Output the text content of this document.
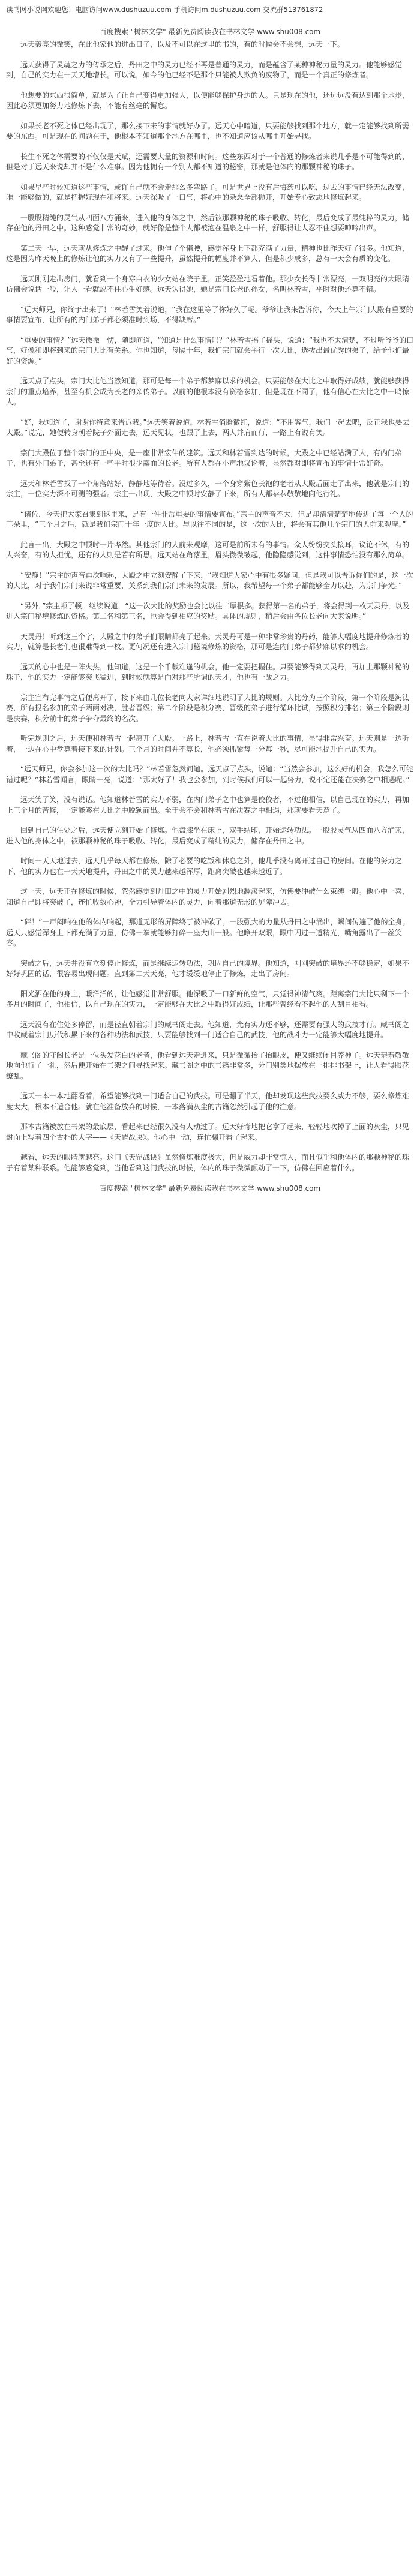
读书网小说网欢迎您！电脑访问www.dushuzuu.com 手机访问m.dushuzuu.com 交流群513761872

百度搜索 "树林文学" 最新免费阅读我在书林文学 www.shu008.com

远天轰亮的微笑，在此他家他的进出日子，以及不可以在这里的书的，有的时候会不会想，远天一下。

远天获得了灵魂之力的传承之后，丹田之中的灵力已经不再是普通的灵力，而是蕴含了某种神秘力量的灵力。他能够感觉到，自己的实力在一天天地增长。可以说，如今的他已经不是那个只能被人欺负的废物了，而是一个真正的修炼者。

他想要的东西很简单，就是为了让自己变得更加强大，以便能够保护身边的人。只是现在的他，还远远没有达到那个地步，因此必须更加努力地修炼下去，不能有丝毫的懈怠。

如果长老不死之体已经出现了，那么接下来的事情就好办了。远天心中暗道，只要能够找到那个地方，就一定能够找到所需要的东西。可是现在的问题在于，他根本不知道那个地方在哪里，也不知道应该从哪里开始寻找。

长生不死之体需要的不仅仅是天赋，还需要大量的资源和时间。这些东西对于一个普通的修炼者来说几乎是不可能得到的，但是对于远天来说却并不是什么难事。因为他拥有一个别人都不知道的秘密，那就是他体内的那颗神秘的珠子。

如果早些时候知道这些事情，或许自己就不会走那么多弯路了。可是世界上没有后悔药可以吃，过去的事情已经无法改变，唯一能够做的，就是把握好现在和将来。远天深吸了一口气，将心中的杂念全部抛开，开始专心致志地修炼起来。

一股股精纯的灵气从四面八方涌来，进入他的身体之中，然后被那颗神秘的珠子吸收、转化，最后变成了最纯粹的灵力，储存在他的丹田之中。这种感觉非常的奇妙，就好像是整个人都被泡在温泉之中一样，舒服得让人忍不住想要呻吟出声。

第二天一早，远天就从修炼之中醒了过来。他伸了个懒腰，感觉浑身上下都充满了力量，精神也比昨天好了很多。他知道，这是因为昨天晚上的修炼让他的实力又有了一些提升，虽然提升的幅度并不算大，但是积少成多，总有一天会有质的变化。

远天刚刚走出房门，就看到一个身穿白衣的少女站在院子里，正笑盈盈地看着他。那少女长得非常漂亮，一双明亮的大眼睛仿佛会说话一般，让人一看就忍不住心生好感。远天认得她，她是宗门长老的孙女，名叫林若雪，平时对他还算不错。

“远天师兄，你终于出来了！”林若雪笑着说道，“我在这里等了你好久了呢。爷爷让我来告诉你，今天上午宗门大殿有重要的事情要宣布，让所有的内门弟子都必须准时到场，不得缺席。”

“重要的事情？”远天微微一愣，随即问道，“知道是什么事情吗？”林若雪摇了摇头，说道：“我也不太清楚，不过听爷爷的口气，好像和即将到来的宗门大比有关系。你也知道，每隔十年，我们宗门就会举行一次大比，选拔出最优秀的弟子，给予他们最好的资源。”

远天点了点头，宗门大比他当然知道，那可是每一个弟子都梦寐以求的机会。只要能够在大比之中取得好成绩，就能够获得宗门的重点培养，甚至有机会成为长老的亲传弟子。以前的他根本没有资格参加，但是现在不同了，他有信心在大比之中一鸣惊人。

“好，我知道了，谢谢你特意来告诉我。”远天笑着说道。林若雪俏脸微红，说道：“不用客气，我们一起去吧，反正我也要去大殿。”说完，她便转身朝着院子外面走去，远天见状，也跟了上去，两人并肩而行，一路上有说有笑。

宗门大殿位于整个宗门的正中央，是一座非常宏伟的建筑。远天和林若雪到达的时候，大殿之中已经站满了人，有内门弟子，也有外门弟子，甚至还有一些平时很少露面的长老。所有人都在小声地议论着，显然都对即将宣布的事情非常好奇。

远天和林若雪找了一个角落站好，静静地等待着。没过多久，一个身穿紫色长袍的老者从大殿后面走了出来，他就是宗门的宗主，一位实力深不可测的强者。宗主一出现，大殿之中顿时安静了下来，所有人都恭恭敬敬地向他行礼。

“诸位，今天把大家召集到这里来，是有一件非常重要的事情要宣布。”宗主的声音不大，但是却清清楚楚地传进了每一个人的耳朵里，“三个月之后，就是我们宗门十年一度的大比。与以往不同的是，这一次的大比，将会有其他几个宗门的人前来观摩。”

此言一出，大殿之中顿时一片哗然。其他宗门的人前来观摩，这可是前所未有的事情。众人纷纷交头接耳，议论不休，有的人兴奋，有的人担忧，还有的人则是若有所思。远天站在角落里，眉头微微皱起，他隐隐感觉到，这件事情恐怕没有那么简单。

“安静！”宗主的声音再次响起，大殿之中立刻安静了下来，“我知道大家心中有很多疑问，但是我可以告诉你们的是，这一次的大比，对于我们宗门来说非常重要，关系到我们宗门未来的发展。所以，我希望每一个弟子都能够全力以赴，为宗门争光。”

“另外，”宗主顿了顿，继续说道，“这一次大比的奖励也会比以往丰厚很多。获得第一名的弟子，将会得到一枚天灵丹，以及进入宗门秘境修炼的资格。第二名和第三名，也会得到相应的奖励。具体的规则，稍后会由各位长老向大家说明。”

天灵丹！听到这三个字，大殿之中的弟子们眼睛都亮了起来。天灵丹可是一种非常珍贵的丹药，能够大幅度地提升修炼者的实力，就算是长老们也很难得到一枚。更何况还有进入宗门秘境修炼的资格，那可是连内门弟子都梦寐以求的机会。

远天的心中也是一阵火热，他知道，这是一个千载难逢的机会，他一定要把握住。只要能够得到天灵丹，再加上那颗神秘的珠子，他的实力一定能够突飞猛进，到时候就算是面对那些所谓的天才，他也有一战之力。

宗主宣布完事情之后便离开了，接下来由几位长老向大家详细地说明了大比的规则。大比分为三个阶段，第一个阶段是淘汰赛，所有报名参加的弟子两两对决，胜者晋级；第二个阶段是积分赛，晋级的弟子进行循环比试，按照积分排名；第三个阶段则是决赛，积分前十的弟子争夺最终的名次。

听完规则之后，远天便和林若雪一起离开了大殿。一路上，林若雪一直在说着大比的事情，显得非常兴奋。远天则是一边听着，一边在心中盘算着接下来的计划。三个月的时间并不算长，他必须抓紧每一分每一秒，尽可能地提升自己的实力。

“远天师兄，你会参加这一次的大比吗？”林若雪忽然问道。远天点了点头，说道：“当然会参加，这么好的机会，我怎么可能错过呢？”林若雪闻言，眼睛一亮，说道：“那太好了！我也会参加，到时候我们可以一起努力，说不定还能在决赛之中相遇呢。”

远天笑了笑，没有说话。他知道林若雪的实力不弱，在内门弟子之中也算是佼佼者，不过他相信，以自己现在的实力，再加上三个月的苦修，一定能够在大比之中脱颖而出。至于会不会和林若雪在决赛之中相遇，那就要看天意了。

回到自己的住处之后，远天便立刻开始了修炼。他盘膝坐在床上，双手结印，开始运转功法。一股股灵气从四面八方涌来，进入他的身体之中，被那颗神秘的珠子吸收、转化，最后变成了精纯的灵力，储存在丹田之中。

时间一天天地过去，远天几乎每天都在修炼，除了必要的吃饭和休息之外，他几乎没有离开过自己的房间。在他的努力之下，他的实力也在一天天地提升，丹田之中的灵力越来越浑厚，距离突破也越来越近了。

这一天，远天正在修炼的时候，忽然感觉到丹田之中的灵力开始剧烈地翻滚起来，仿佛要冲破什么束缚一般。他心中一喜，知道自己即将突破了，连忙收敛心神，全力引导着体内的灵力，向着那道无形的屏障冲去。

“砰！”一声闷响在他的体内响起，那道无形的屏障终于被冲破了。一股强大的力量从丹田之中涌出，瞬间传遍了他的全身。远天只感觉浑身上下都充满了力量，仿佛一拳就能够打碎一座大山一般。他睁开双眼，眼中闪过一道精光，嘴角露出了一丝笑容。

突破之后，远天并没有立刻停止修炼，而是继续运转功法，巩固自己的境界。他知道，刚刚突破的境界还不够稳定，如果不好好巩固的话，很容易出现问题。直到第二天天亮，他才缓缓地停止了修炼，走出了房间。

阳光洒在他的身上，暖洋洋的，让他感觉非常舒服。他深吸了一口新鲜的空气，只觉得神清气爽。距离宗门大比只剩下一个多月的时间了，他相信，以自己现在的实力，一定能够在大比之中取得好成绩，让那些曾经看不起他的人刮目相看。

远天没有在住处多停留，而是径直朝着宗门的藏书阁走去。他知道，光有实力还不够，还需要有强大的武技才行。藏书阁之中收藏着宗门历代积累下来的各种功法和武技，只要能够找到一门适合自己的武技，他的战斗力一定能够大幅度地提升。

藏书阁的守阁长老是一位头发花白的老者，他看到远天走进来，只是微微抬了抬眼皮，便又继续闭目养神了。远天恭恭敬敬地向他行了一礼，然后便开始在书架之间寻找起来。藏书阁之中的书籍非常多，分门别类地摆放在一排排书架上，让人看得眼花缭乱。

远天一本一本地翻看着，希望能够找到一门适合自己的武技。可是翻了半天，他却发现这些武技要么威力不够，要么修炼难度太大，根本不适合他。就在他准备放弃的时候，一本落满灰尘的古籍忽然引起了他的注意。

那本古籍被放在书架的最底层，看起来已经很久没有人动过了。远天好奇地把它拿了起来，轻轻地吹掉了上面的灰尘，只见封面上写着四个古朴的大字——《天罡战诀》。他心中一动，连忙翻开看了起来。

越看，远天的眼睛就越亮。这门《天罡战诀》虽然修炼难度极大，但是威力却非常惊人，而且似乎和他体内的那颗神秘的珠子有着某种联系。他能够感觉到，当他看到这门武技的时候，体内的珠子微微颤动了一下，仿佛在回应着什么。

百度搜索 "树林文学" 最新免费阅读我在书林文学 www.shu008.com
